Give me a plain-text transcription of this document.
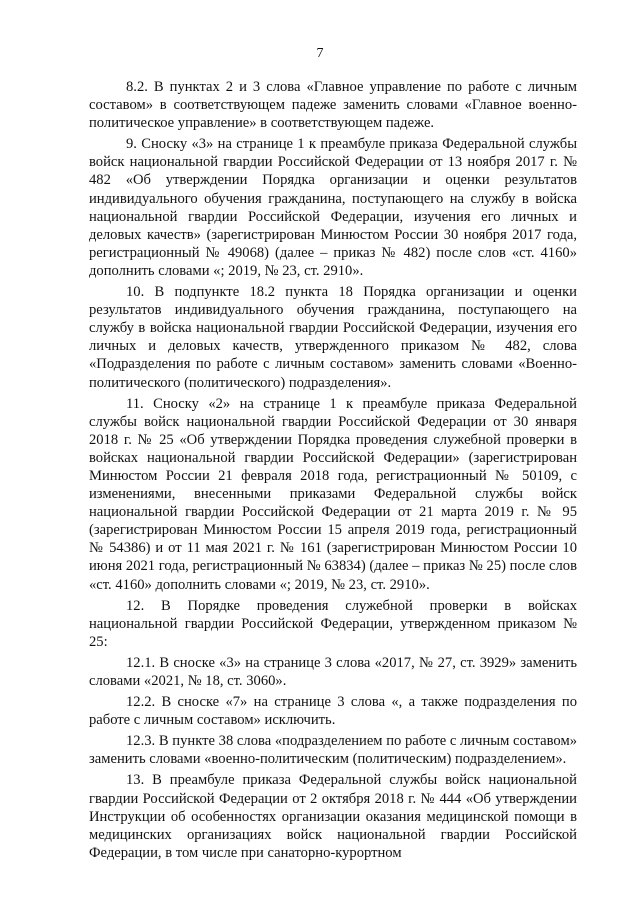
7

8.2. В пунктах 2 и 3 слова «Главное управление по работе с личным составом» в соответствующем падеже заменить словами «Главное военно-политическое управление» в соответствующем падеже.

9. Сноску «3» на странице 1 к преамбуле приказа Федеральной службы войск национальной гвардии Российской Федерации от 13 ноября 2017 г. № 482 «Об утверждении Порядка организации и оценки результатов индивидуального обучения гражданина, поступающего на службу в войска национальной гвардии Российской Федерации, изучения его личных и деловых качеств» (зарегистрирован Минюстом России 30 ноября 2017 года, регистрационный № 49068) (далее – приказ № 482) после слов «ст. 4160» дополнить словами «; 2019, № 23, ст. 2910».

10. В подпункте 18.2 пункта 18 Порядка организации и оценки результатов индивидуального обучения гражданина, поступающего на службу в войска национальной гвардии Российской Федерации, изучения его личных и деловых качеств, утвержденного приказом № 482, слова «Подразделения по работе с личным составом» заменить словами «Военно-политического (политического) подразделения».

11. Сноску «2» на странице 1 к преамбуле приказа Федеральной службы войск национальной гвардии Российской Федерации от 30 января 2018 г. № 25 «Об утверждении Порядка проведения служебной проверки в войсках национальной гвардии Российской Федерации» (зарегистрирован Минюстом России 21 февраля 2018 года, регистрационный № 50109, с изменениями, внесенными приказами Федеральной службы войск национальной гвардии Российской Федерации от 21 марта 2019 г. № 95 (зарегистрирован Минюстом России 15 апреля 2019 года, регистрационный № 54386) и от 11 мая 2021 г. № 161 (зарегистрирован Минюстом России 10 июня 2021 года, регистрационный № 63834) (далее – приказ № 25) после слов «ст. 4160» дополнить словами «; 2019, № 23, ст. 2910».

12. В Порядке проведения служебной проверки в войсках национальной гвардии Российской Федерации, утвержденном приказом № 25:

12.1. В сноске «3» на странице 3 слова «2017, № 27, ст. 3929» заменить словами «2021, № 18, ст. 3060».

12.2. В сноске «7» на странице 3 слова «, а также подразделения по работе с личным составом» исключить.

12.3. В пункте 38 слова «подразделением по работе с личным составом» заменить словами «военно-политическим (политическим) подразделением».

13. В преамбуле приказа Федеральной службы войск национальной гвардии Российской Федерации от 2 октября 2018 г. № 444 «Об утверждении Инструкции об особенностях организации оказания медицинской помощи в медицинских организациях войск национальной гвардии Российской Федерации, в том числе при санаторно-курортном
